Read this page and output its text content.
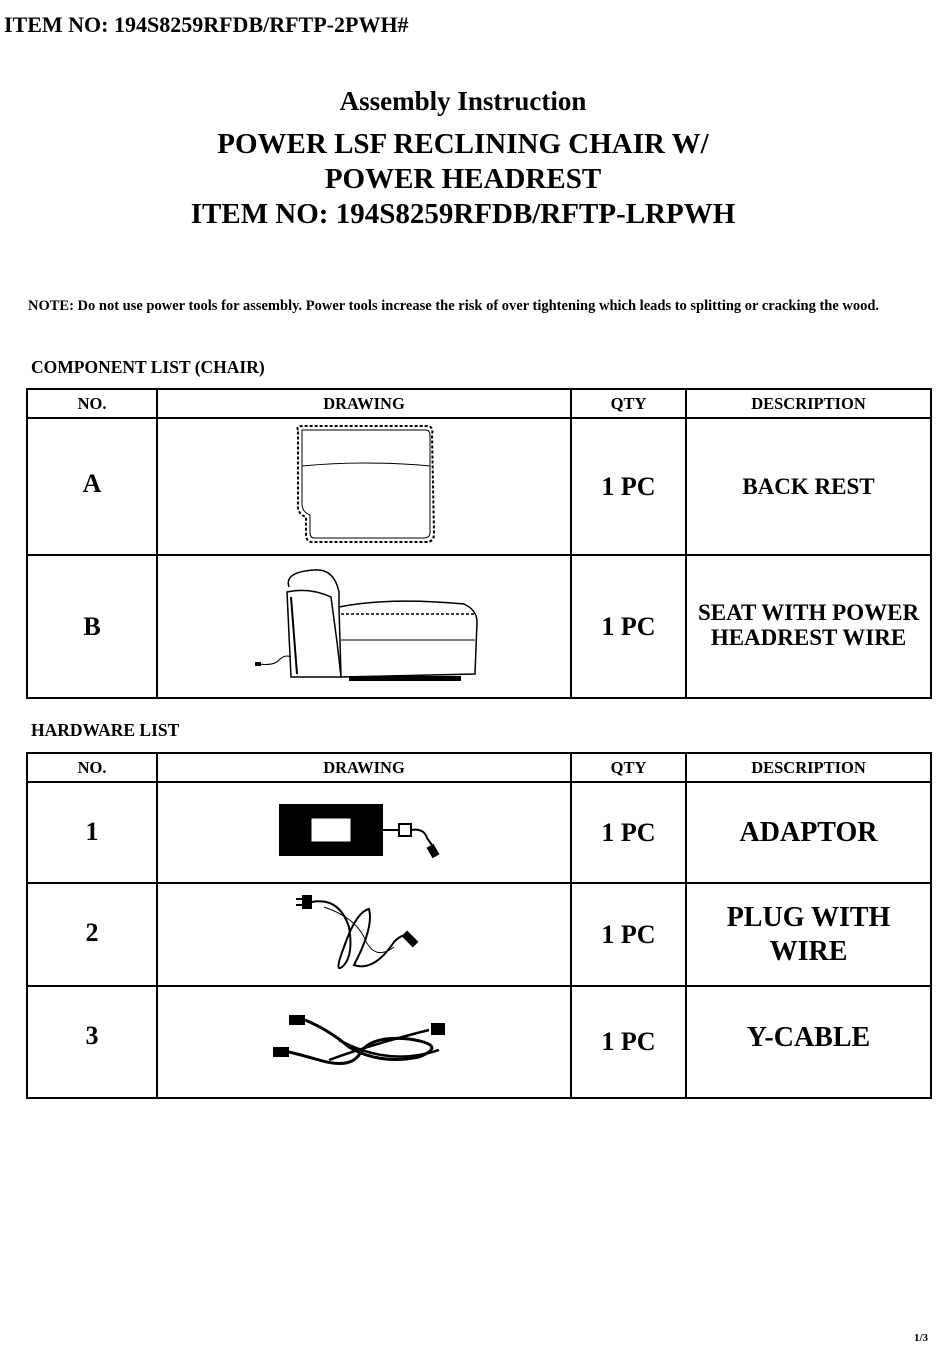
ITEM NO: 194S8259RFDB/RFTP-2PWH#
Assembly Instruction
POWER LSF RECLINING CHAIR W/
POWER HEADREST
ITEM NO: 194S8259RFDB/RFTP-LRPWH
NOTE: Do not use power tools for assembly. Power tools increase the risk of over tightening which leads to splitting or cracking the wood.
COMPONENT LIST (CHAIR)
NO.	DRAWING	QTY	DESCRIPTION
A		1 PC	BACK REST
B		1 PC	SEAT WITH POWER HEADREST WIRE
HARDWARE LIST
NO.	DRAWING	QTY	DESCRIPTION
1		1 PC	ADAPTOR
2		1 PC	PLUG WITH WIRE
3		1 PC	Y-CABLE
1/3
